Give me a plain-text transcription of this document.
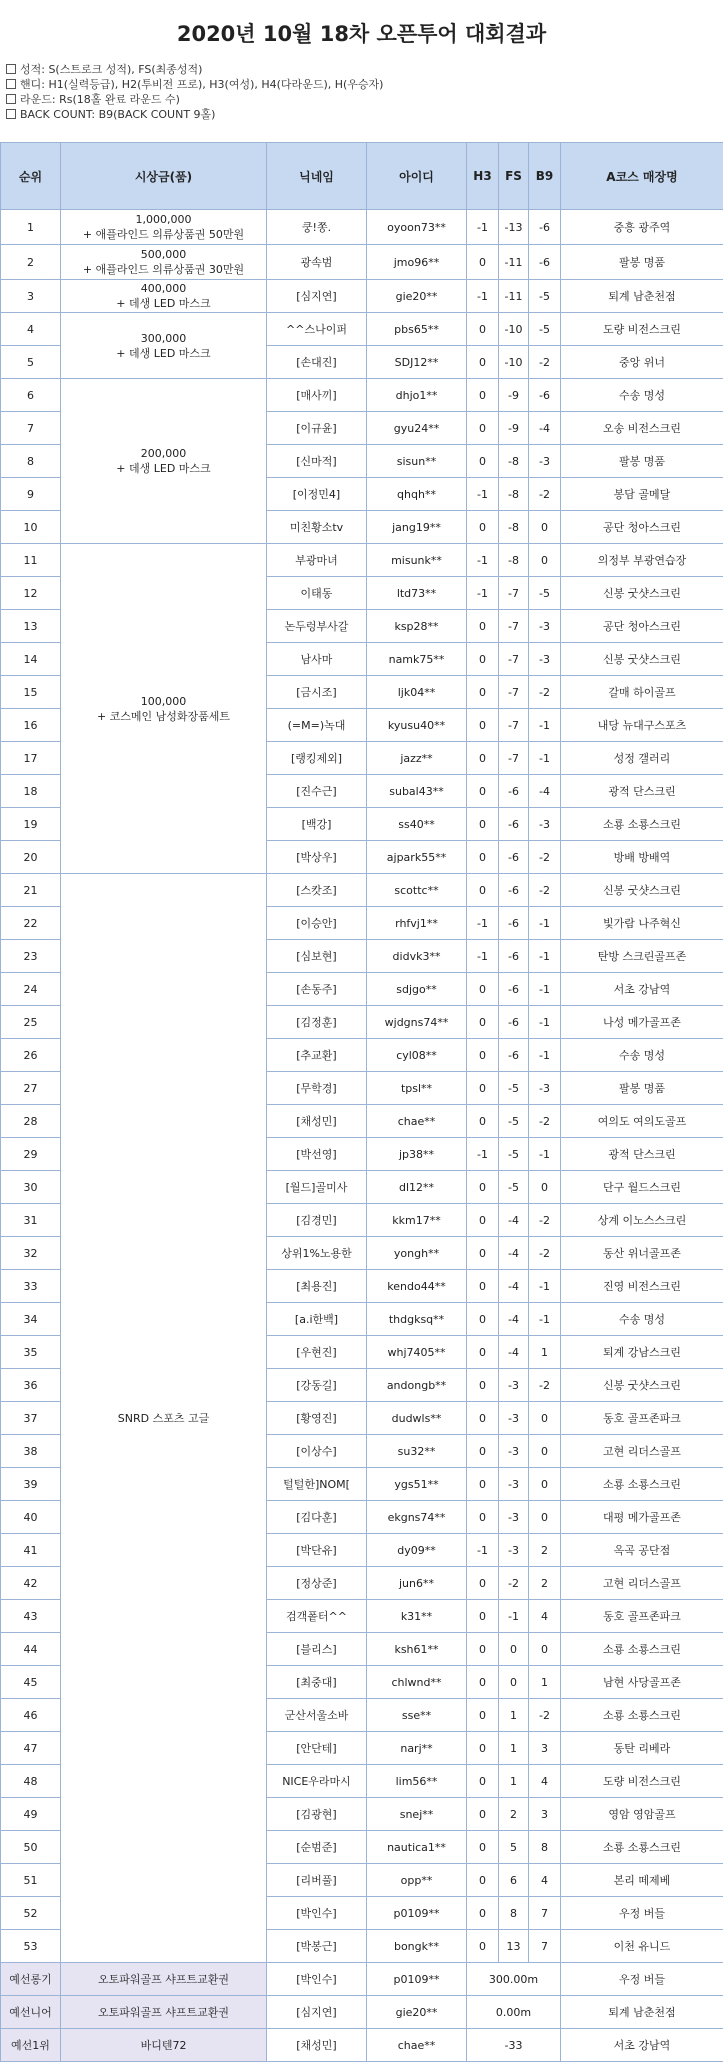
2020년 10월 18차 오픈투어 대회결과
성적: S(스트로크 성적), FS(최종성적)
핸디: H1(실력등급), H2(투비전 프로), H3(여성), H4(다라운드), H(우승자)
라운드: Rs(18홀 완료 라운드 수)
BACK COUNT: B9(BACK COUNT 9홀)
순위	시상금(품)	닉네임	아이디	H3	FS	B9	A코스 매장명
1	1,000,000
+ 애플라인드 의류상품권 50만원	쿵!쫑.	oyoon73**	-1	-13	-6	중흥 광주역
2	500,000
+ 애플라인드 의류상품권 30만원	광속범	jmo96**	0	-11	-6	팔봉 명품
3	400,000
+ 데생 LED 마스크	[심지연]	gie20**	-1	-11	-5	퇴계 남춘천점
4	300,000
+ 데생 LED 마스크	^^스나이퍼	pbs65**	0	-10	-5	도량 비전스크린
5		[손대진]	SDJ12**	0	-10	-2	중앙 위너
6	200,000
+ 데생 LED 마스크	[매사끼]	dhjo1**	0	-9	-6	수송 명성
7		[이규윤]	gyu24**	0	-9	-4	오송 비전스크린
8		[신마적]	sisun**	0	-8	-3	팔봉 명품
9		[이정민4]	qhqh**	-1	-8	-2	봉담 골메달
10		미친황소tv	jang19**	0	-8	0	공단 청아스크린
11	100,000
+ 코스메인 남성화장품세트	부광마녀	misunk**	-1	-8	0	의정부 부광연습장
12		이태동	ltd73**	-1	-7	-5	신봉 굿샷스크린
13		논두렁부사갈	ksp28**	0	-7	-3	공단 청아스크린
14		남사마	namk75**	0	-7	-3	신봉 굿샷스크린
15		[금시조]	ljk04**	0	-7	-2	갈매 하이골프
16		(=M=)녹대	kyusu40**	0	-7	-1	내당 뉴대구스포츠
17		[랭킹제외]	jazz**	0	-7	-1	성정 갤러리
18		[진수근]	subal43**	0	-6	-4	광적 단스크린
19		[백강]	ss40**	0	-6	-3	소룡 소룡스크린
20		[박상우]	ajpark55**	0	-6	-2	방배 방배역
21	SNRD 스포츠 고글	[스캇조]	scottc**	0	-6	-2	신봉 굿샷스크린
22		[이승안]	rhfvj1**	-1	-6	-1	빛가람 나주혁신
23		[심보현]	didvk3**	-1	-6	-1	탄방 스크린골프존
24		[손동주]	sdjgo**	0	-6	-1	서초 강남역
25		[김정훈]	wjdgns74**	0	-6	-1	나성 메가골프존
26		[추교환]	cyl08**	0	-6	-1	수송 명성
27		[무학경]	tpsl**	0	-5	-3	팔봉 명품
28		[채성민]	chae**	0	-5	-2	여의도 여의도골프
29		[박선영]	jp38**	-1	-5	-1	광적 단스크린
30		[월드]골미사	dl12**	0	-5	0	단구 월드스크린
31		[김경민]	kkm17**	0	-4	-2	상계 이노스스크린
32		상위1%노용한	yongh**	0	-4	-2	동산 위너골프존
33		[최용진]	kendo44**	0	-4	-1	진영 비전스크린
34		[a.i한백]	thdgksq**	0	-4	-1	수송 명성
35		[우현진]	whj7405**	0	-4	1	퇴계 강남스크린
36		[강동길]	andongb**	0	-3	-2	신봉 굿샷스크린
37		[황영진]	dudwls**	0	-3	0	동호 골프존파크
38		[이상수]	su32**	0	-3	0	고현 리더스골프
39		털털한]NOM[	ygs51**	0	-3	0	소룡 소룡스크린
40		[김다훈]	ekgns74**	0	-3	0	대평 메가골프존
41		[박단유]	dy09**	-1	-3	2	옥곡 공단점
42		[정상준]	jun6**	0	-2	2	고현 리더스골프
43		검객퐅터^^	k31**	0	-1	4	동호 골프존파크
44		[블리스]	ksh61**	0	0	0	소룡 소룡스크린
45		[최중대]	chlwnd**	0	0	1	남현 사당골프존
46		군산서울소바	sse**	0	1	-2	소룡 소룡스크린
47		[안단테]	narj**	0	1	3	동탄 리베라
48		NICE우라마시	lim56**	0	1	4	도량 비전스크린
49		[김광현]	snej**	0	2	3	영암 영암골프
50		[순범준]	nautica1**	0	5	8	소룡 소룡스크린
51		[리버풀]	opp**	0	6	4	본리 떼제베
52		[박인수]	p0109**	0	8	7	우정 버들
53		[박봉근]	bongk**	0	13	7	이천 유니드
예선롱기	오토파워골프 샤프트교환권	[박인수]	p0109**	300.00m			우정 버들
예선니어	오토파워골프 샤프트교환권	[심지연]	gie20**	0.00m			퇴계 남춘천점
예선1위	바디텐72	[채성민]	chae**	-33			서초 강남역
